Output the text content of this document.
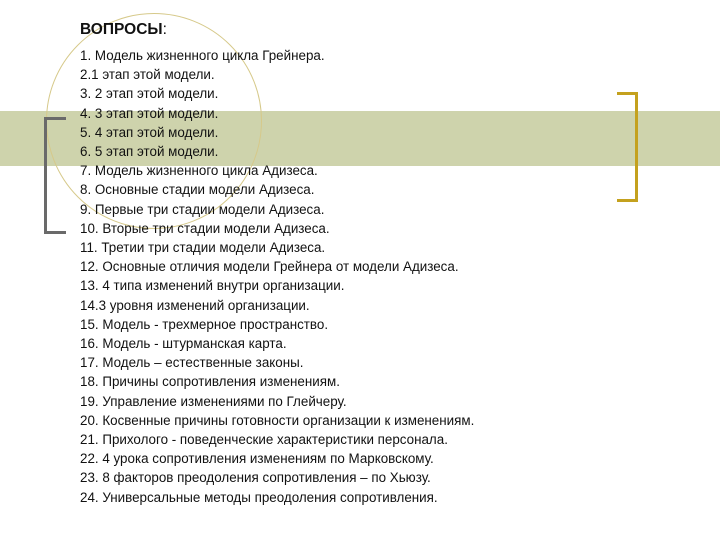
ВОПРОСЫ:
1. Модель жизненного цикла Грейнера.
2.1 этап этой модели.
3. 2 этап этой модели.
4. 3 этап этой модели.
5. 4 этап этой модели.
6. 5 этап этой модели.
7. Модель жизненного цикла Адизеса.
8. Основные стадии модели Адизеса.
9. Первые три стадии модели Адизеса.
10. Вторые три стадии модели Адизеса.
11. Третии три стадии модели Адизеса.
12. Основные отличия модели Грейнера от модели Адизеса.
13. 4 типа изменений внутри организации.
14.3 уровня изменений организации.
15. Модель - трехмерное пространство.
16. Модель - штурманская карта.
17. Модель – естественные законы.
18. Причины сопротивления изменениям.
19. Управление изменениями по Глейчеру.
20. Косвенные причины готовности организации к изменениям.
21. Прихолого - поведенческие характеристики персонала.
22. 4 урока сопротивления изменениям по Марковскому.
23. 8 факторов преодоления сопротивления – по Хьюзу.
24. Универсальные методы преодоления сопротивления.
